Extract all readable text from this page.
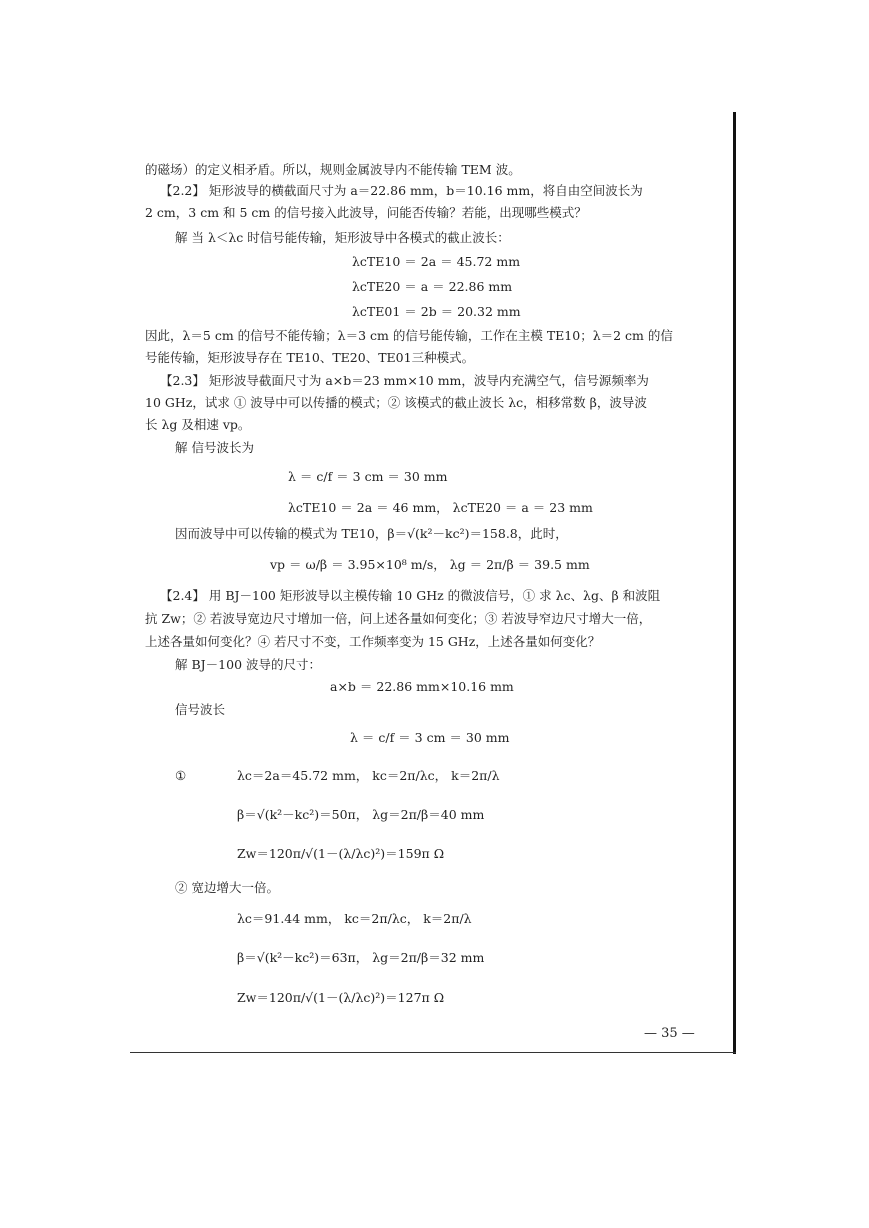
的磁场）的定义相矛盾。所以，规则金属波导内不能传输 TEM 波。
【2.2】 矩形波导的横截面尺寸为 a＝22.86 mm，b＝10.16 mm，将自由空间波长为
2 cm，3 cm 和 5 cm 的信号接入此波导，问能否传输？若能，出现哪些模式？
解 当 λ＜λc 时信号能传输，矩形波导中各模式的截止波长：
λcTE10 ＝ 2a ＝ 45.72 mm
λcTE20 ＝ a ＝ 22.86 mm
λcTE01 ＝ 2b ＝ 20.32 mm
因此，λ＝5 cm 的信号不能传输；λ＝3 cm 的信号能传输，工作在主模 TE10；λ＝2 cm 的信
号能传输，矩形波导存在 TE10、TE20、TE01三种模式。
【2.3】 矩形波导截面尺寸为 a×b＝23 mm×10 mm，波导内充满空气，信号源频率为
10 GHz，试求 ① 波导中可以传播的模式；② 该模式的截止波长 λc，相移常数 β，波导波
长 λg 及相速 vp。
解 信号波长为
λ ＝ c/f ＝ 3 cm ＝ 30 mm
λcTE10 ＝ 2a ＝ 46 mm， λcTE20 ＝ a ＝ 23 mm
因而波导中可以传输的模式为 TE10，β＝√(k²－kc²)＝158.8，此时，
vp ＝ ω/β ＝ 3.95×10⁸ m/s， λg ＝ 2π/β ＝ 39.5 mm
【2.4】 用 BJ－100 矩形波导以主模传输 10 GHz 的微波信号，① 求 λc、λg、β 和波阻
抗 Zw；② 若波导宽边尺寸增加一倍，问上述各量如何变化；③ 若波导窄边尺寸增大一倍，
上述各量如何变化？④ 若尺寸不变，工作频率变为 15 GHz，上述各量如何变化？
解 BJ－100 波导的尺寸：
a×b ＝ 22.86 mm×10.16 mm
信号波长
λ ＝ c/f ＝ 3 cm ＝ 30 mm
①	λc＝2a＝45.72 mm， kc＝2π/λc， k＝2π/λ
β＝√(k²－kc²)＝50π， λg＝2π/β＝40 mm
Zw＝120π/√(1－(λ/λc)²)＝159π Ω
② 宽边增大一倍。
λc＝91.44 mm， kc＝2π/λc， k＝2π/λ
β＝√(k²－kc²)＝63π， λg＝2π/β＝32 mm
Zw＝120π/√(1－(λ/λc)²)＝127π Ω
— 35 —
